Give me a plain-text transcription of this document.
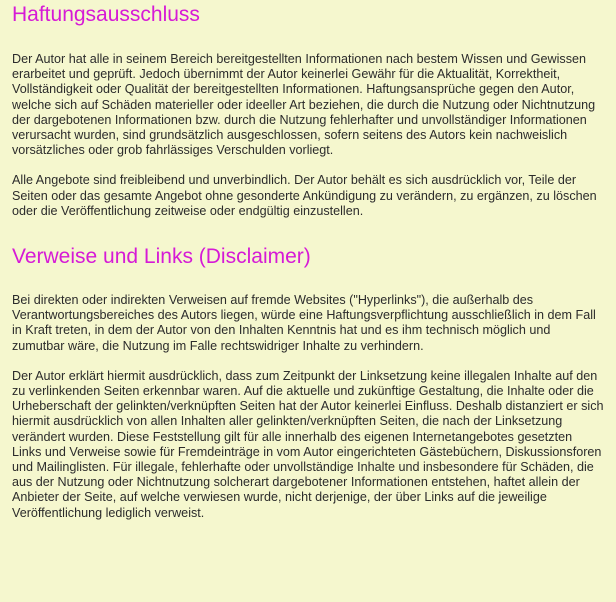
Haftungsausschluss

Der Autor hat alle in seinem Bereich bereitgestellten Informationen nach bestem Wissen und Gewissen erarbeitet und geprüft. Jedoch übernimmt der Autor keinerlei Gewähr für die Aktualität, Korrektheit, Vollständigkeit oder Qualität der bereitgestellten Informationen. Haftungsansprüche gegen den Autor, welche sich auf Schäden materieller oder ideeller Art beziehen, die durch die Nutzung oder Nichtnutzung der dargebotenen Informationen bzw. durch die Nutzung fehlerhafter und unvollständiger Informationen verursacht wurden, sind grundsätzlich ausgeschlossen, sofern seitens des Autors kein nachweislich vorsätzliches oder grob fahrlässiges Verschulden vorliegt.

Alle Angebote sind freibleibend und unverbindlich. Der Autor behält es sich ausdrücklich vor, Teile der Seiten oder das gesamte Angebot ohne gesonderte Ankündigung zu verändern, zu ergänzen, zu löschen oder die Veröffentlichung zeitweise oder endgültig einzustellen.

Verweise und Links (Disclaimer)

Bei direkten oder indirekten Verweisen auf fremde Websites ("Hyperlinks"), die außerhalb des Verantwortungsbereiches des Autors liegen, würde eine Haftungsverpflichtung ausschließlich in dem Fall in Kraft treten, in dem der Autor von den Inhalten Kenntnis hat und es ihm technisch möglich und zumutbar wäre, die Nutzung im Falle rechtswidriger Inhalte zu verhindern.

Der Autor erklärt hiermit ausdrücklich, dass zum Zeitpunkt der Linksetzung keine illegalen Inhalte auf den zu verlinkenden Seiten erkennbar waren. Auf die aktuelle und zukünftige Gestaltung, die Inhalte oder die Urheberschaft der gelinkten/verknüpften Seiten hat der Autor keinerlei Einfluss. Deshalb distanziert er sich hiermit ausdrücklich von allen Inhalten aller gelinkten/verknüpften Seiten, die nach der Linksetzung verändert wurden. Diese Feststellung gilt für alle innerhalb des eigenen Internetangebotes gesetzten Links und Verweise sowie für Fremdeinträge in vom Autor eingerichteten Gästebüchern, Diskussionsforen und Mailinglisten. Für illegale, fehlerhafte oder unvollständige Inhalte und insbesondere für Schäden, die aus der Nutzung oder Nichtnutzung solcherart dargebotener Informationen entstehen, haftet allein der Anbieter der Seite, auf welche verwiesen wurde, nicht derjenige, der über Links auf die jeweilige Veröffentlichung lediglich verweist.
